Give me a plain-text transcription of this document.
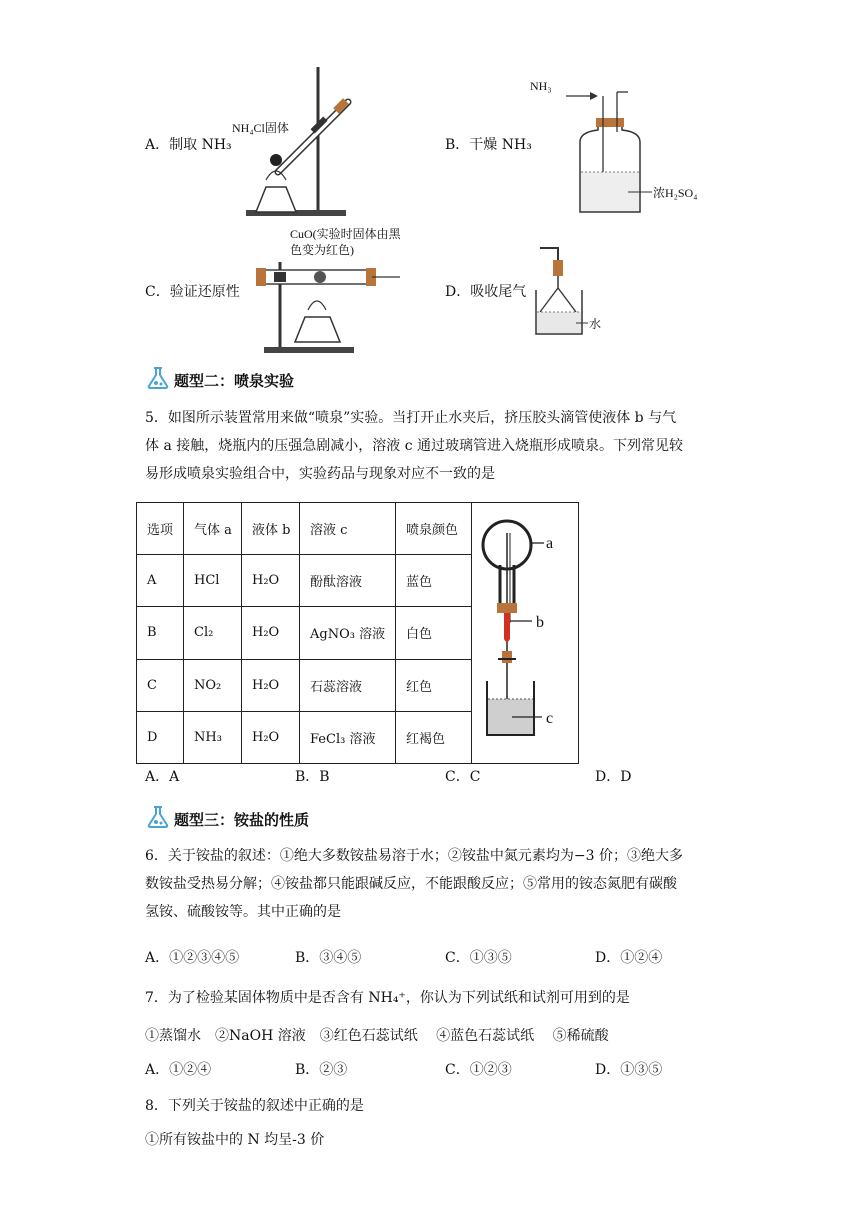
A．制取 NH₃
NH₄Cl固体
B．干燥 NH₃
NH₃
浓H₂SO₄
C．验证还原性
CuO(实验时固体由黑
色变为红色)
D．吸收尾气
水
题型二：喷泉实验
5．如图所示装置常用来做“喷泉”实验。当打开止水夹后，挤压胶头滴管使液体 b 与气
体 a 接触，烧瓶内的压强急剧减小，溶液 c 通过玻璃管进入烧瓶形成喷泉。下列常见较
易形成喷泉实验组合中，实验药品与现象对应不一致的是
选项	气体 a	液体 b	溶液 c	喷泉颜色	a
b
c

A	HCl	H₂O	酚酞溶液	蓝色	
B	Cl₂	H₂O	AgNO₃ 溶液	白色	
C	NO₂	H₂O	石蕊溶液	红色	
D	NH₃	H₂O	FeCl₃ 溶液	红褐色	
A．A	B．B	C．C	D．D
题型三：铵盐的性质
6．关于铵盐的叙述：①绝大多数铵盐易溶于水；②铵盐中氮元素均为−3 价；③绝大多
数铵盐受热易分解；④铵盐都只能跟碱反应，不能跟酸反应；⑤常用的铵态氮肥有碳酸
氢铵、硫酸铵等。其中正确的是
A．①②③④⑤	B．③④⑤	C．①③⑤	D．①②④
7．为了检验某固体物质中是否含有 NH₄⁺，你认为下列试纸和试剂可用到的是
①蒸馏水　②NaOH 溶液　③红色石蕊试纸　 ④蓝色石蕊试纸　 ⑤稀硫酸
A．①②④	B．②③	C．①②③	D．①③⑤
8．下列关于铵盐的叙述中正确的是
①所有铵盐中的 N 均呈-3 价
